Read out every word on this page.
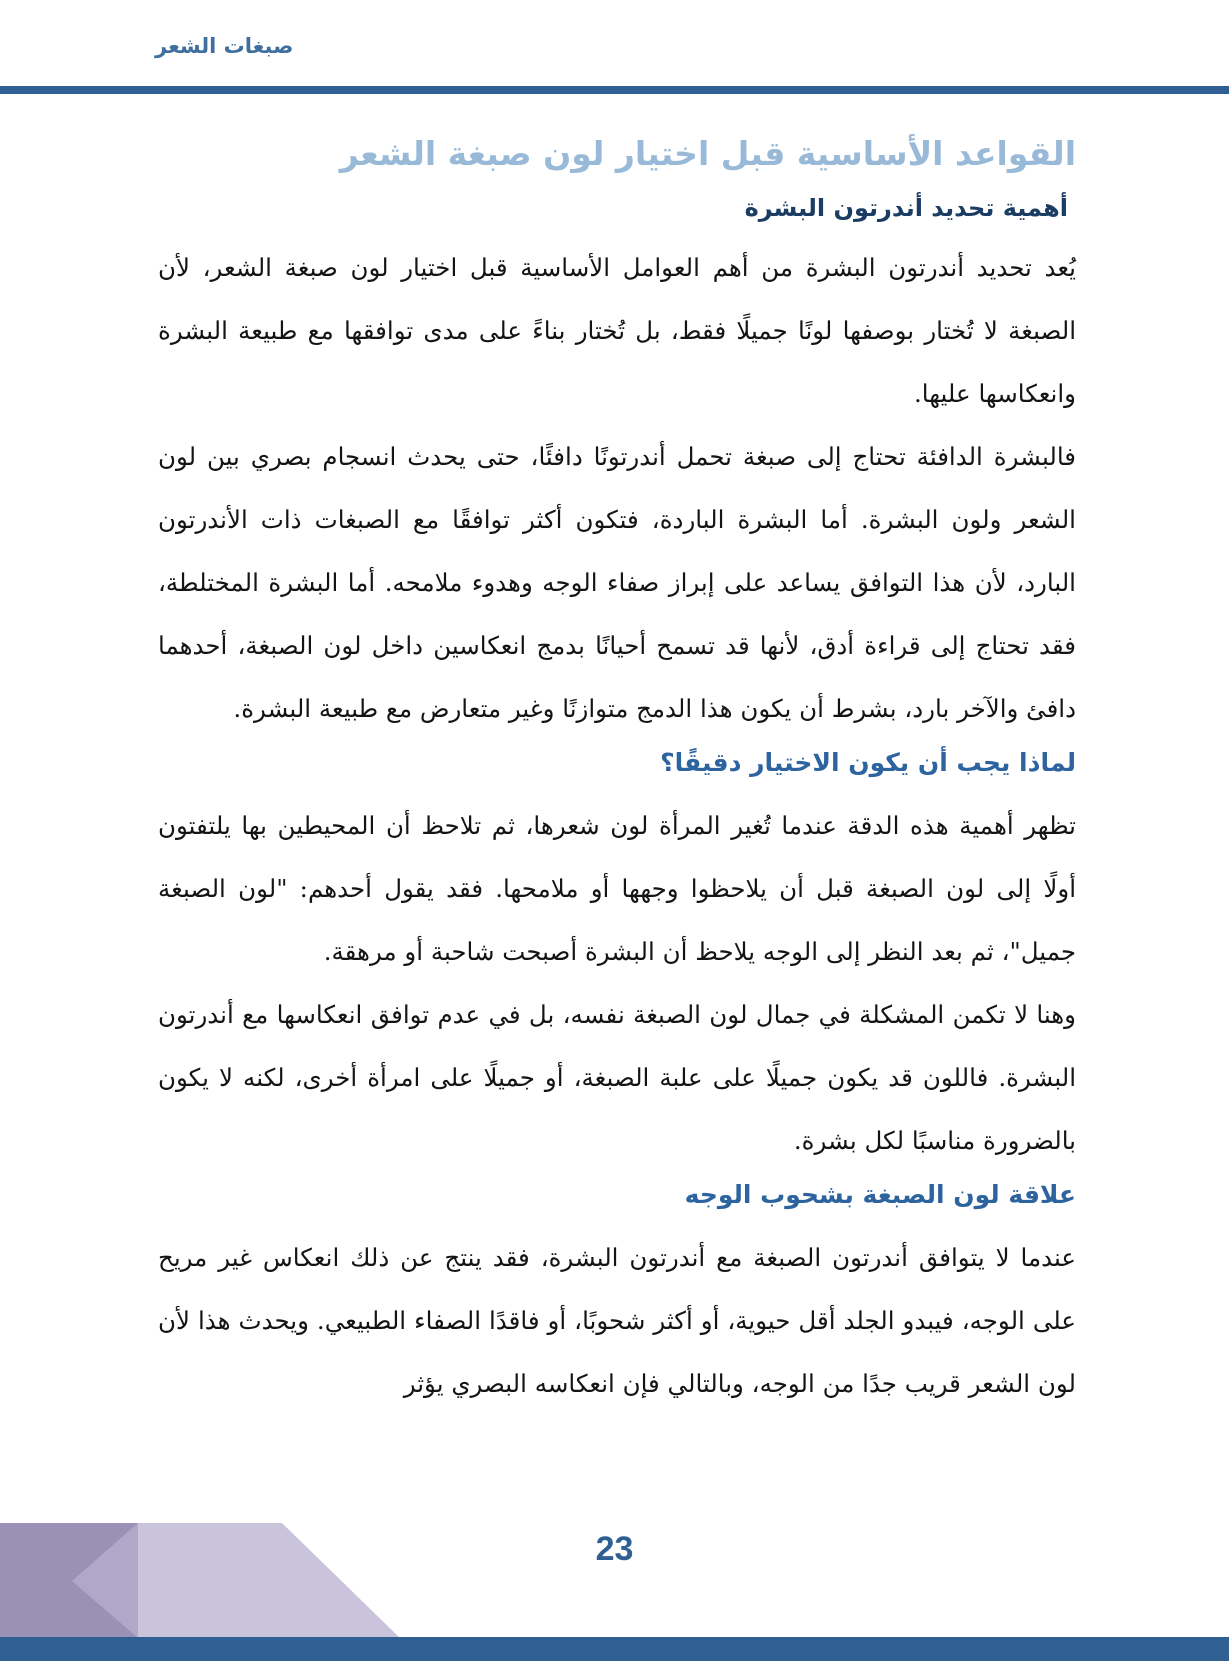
صبغات الشعر
القواعد الأساسية قبل اختيار لون صبغة الشعر
أهمية تحديد أندرتون البشرة

يُعد تحديد أندرتون البشرة من أهم العوامل الأساسية قبل اختيار لون صبغة الشعر، لأن الصبغة لا تُختار بوصفها لونًا جميلًا فقط، بل تُختار بناءً على مدى توافقها مع طبيعة البشرة وانعكاسها عليها.

فالبشرة الدافئة تحتاج إلى صبغة تحمل أندرتونًا دافئًا، حتى يحدث انسجام بصري بين لون الشعر ولون البشرة. أما البشرة الباردة، فتكون أكثر توافقًا مع الصبغات ذات الأندرتون البارد، لأن هذا التوافق يساعد على إبراز صفاء الوجه وهدوء ملامحه. أما البشرة المختلطة، فقد تحتاج إلى قراءة أدق، لأنها قد تسمح أحيانًا بدمج انعكاسين داخل لون الصبغة، أحدهما دافئ والآخر بارد، بشرط أن يكون هذا الدمج متوازنًا وغير متعارض مع طبيعة البشرة.

لماذا يجب أن يكون الاختيار دقيقًا؟

تظهر أهمية هذه الدقة عندما تُغير المرأة لون شعرها، ثم تلاحظ أن المحيطين بها يلتفتون أولًا إلى لون الصبغة قبل أن يلاحظوا وجهها أو ملامحها. فقد يقول أحدهم: "لون الصبغة جميل"، ثم بعد النظر إلى الوجه يلاحظ أن البشرة أصبحت شاحبة أو مرهقة.

وهنا لا تكمن المشكلة في جمال لون الصبغة نفسه، بل في عدم توافق انعكاسها مع أندرتون البشرة. فاللون قد يكون جميلًا على علبة الصبغة، أو جميلًا على امرأة أخرى، لكنه لا يكون بالضرورة مناسبًا لكل بشرة.

علاقة لون الصبغة بشحوب الوجه

عندما لا يتوافق أندرتون الصبغة مع أندرتون البشرة، فقد ينتج عن ذلك انعكاس غير مريح على الوجه، فيبدو الجلد أقل حيوية، أو أكثر شحوبًا، أو فاقدًا الصفاء الطبيعي. ويحدث هذا لأن لون الشعر قريب جدًا من الوجه، وبالتالي فإن انعكاسه البصري يؤثر

23
